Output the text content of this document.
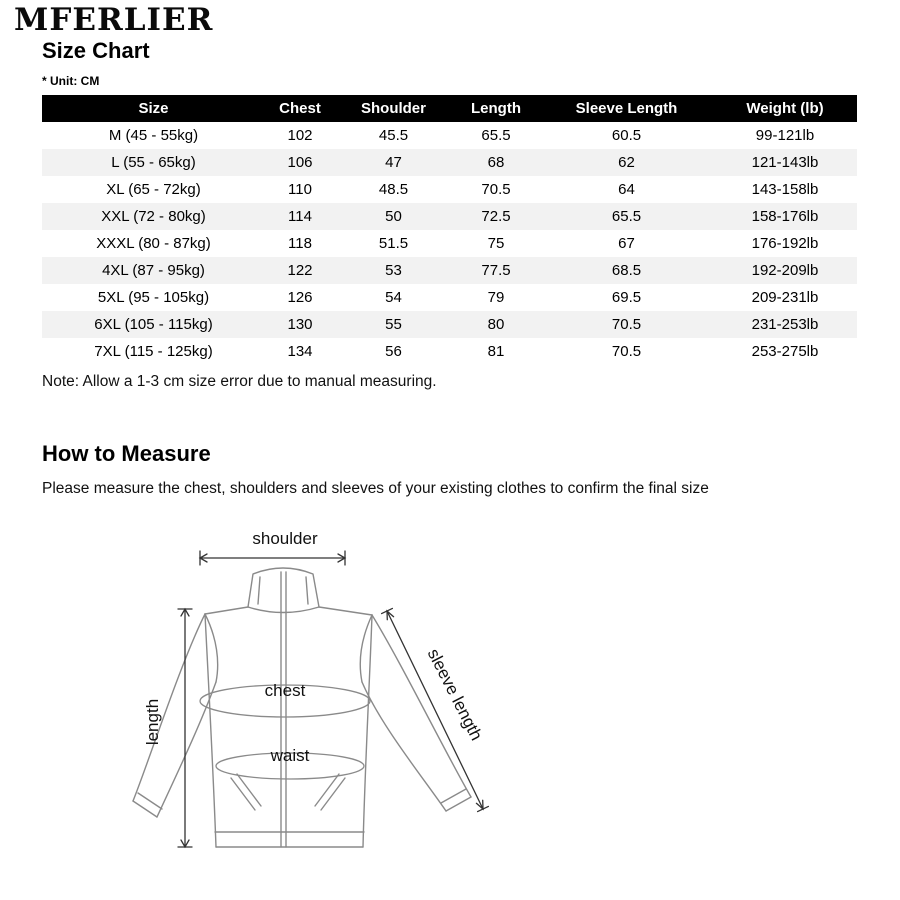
MFERLIER
Size Chart
* Unit: CM
Size	Chest	Shoulder	Length	Sleeve Length	Weight (lb)
M (45 - 55kg)	102	45.5	65.5	60.5	99-121lb
L (55 - 65kg)	106	47	68	62	121-143lb
XL (65 - 72kg)	110	48.5	70.5	64	143-158lb
XXL (72 - 80kg)	114	50	72.5	65.5	158-176lb
XXXL (80 - 87kg)	118	51.5	75	67	176-192lb
4XL (87 - 95kg)	122	53	77.5	68.5	192-209lb
5XL (95 - 105kg)	126	54	79	69.5	209-231lb
6XL (105 - 115kg)	130	55	80	70.5	231-253lb
7XL (115 - 125kg)	134	56	81	70.5	253-275lb
Note: Allow a 1-3 cm size error due to manual measuring.
How to Measure
Please measure the chest, shoulders and sleeves of your existing clothes to confirm the final size
shoulder
length	sleeve length
chest
waist
